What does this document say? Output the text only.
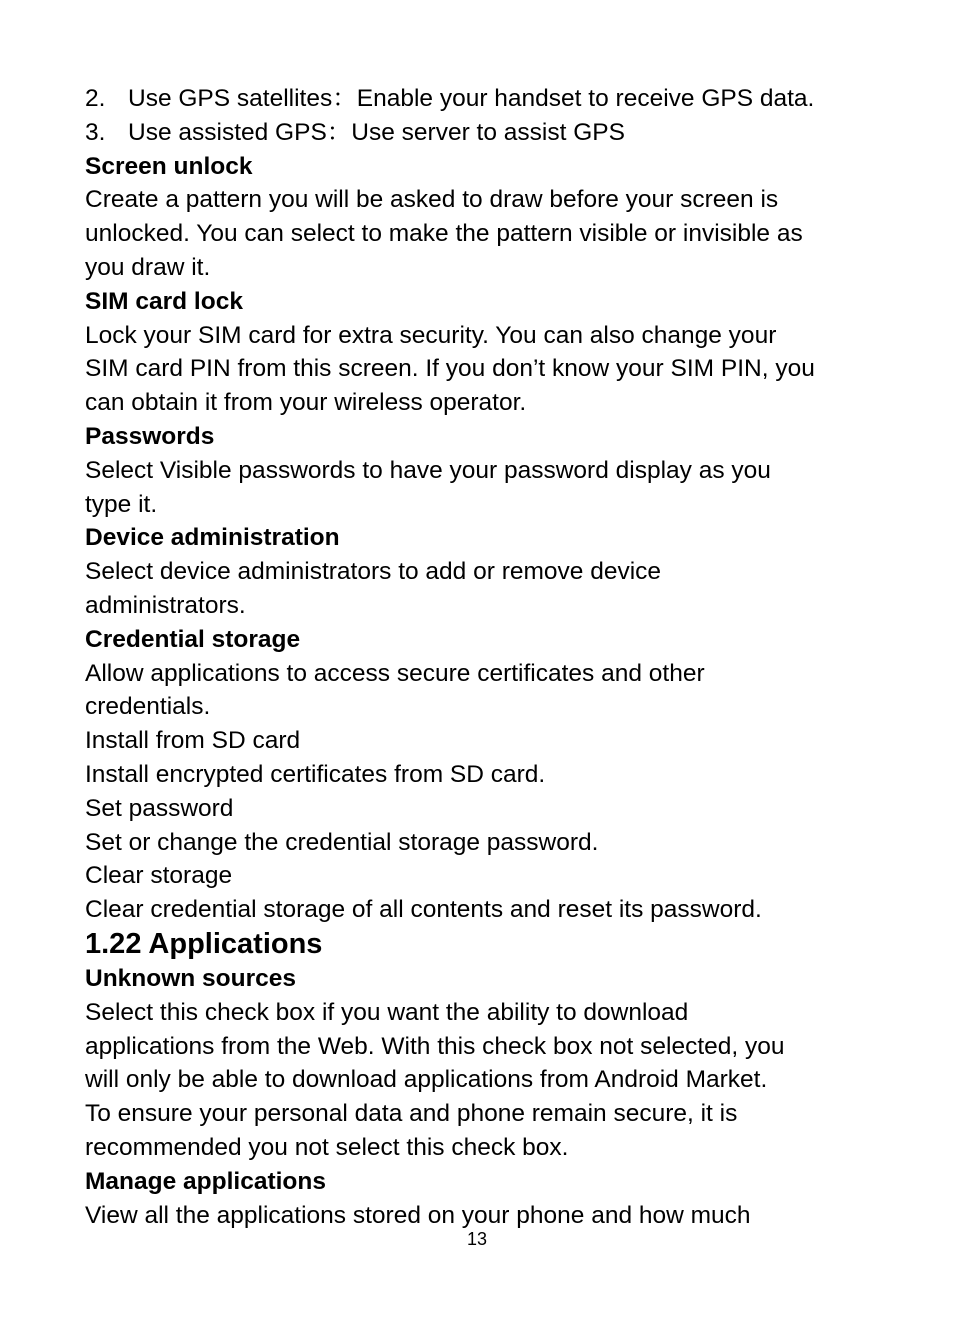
2. Use GPS satellites：Enable your handset to receive GPS data.
3. Use assisted GPS：Use server to assist GPS
Screen unlock
Create a pattern you will be asked to draw before your screen is
unlocked. You can select to make the pattern visible or invisible as
you draw it.
SIM card lock
Lock your SIM card for extra security. You can also change your
SIM card PIN from this screen. If you don’t know your SIM PIN, you
can obtain it from your wireless operator.
Passwords
Select Visible passwords to have your password display as you
type it.
Device administration
Select device administrators to add or remove device
administrators.
Credential storage
Allow applications to access secure certificates and other
credentials.
Install from SD card
Install encrypted certificates from SD card.
Set password
Set or change the credential storage password.
Clear storage
Clear credential storage of all contents and reset its password.
1.22 Applications
Unknown sources
Select this check box if you want the ability to download
applications from the Web. With this check box not selected, you
will only be able to download applications from Android Market.
To ensure your personal data and phone remain secure, it is
recommended you not select this check box.
Manage applications
View all the applications stored on your phone and how much
13
